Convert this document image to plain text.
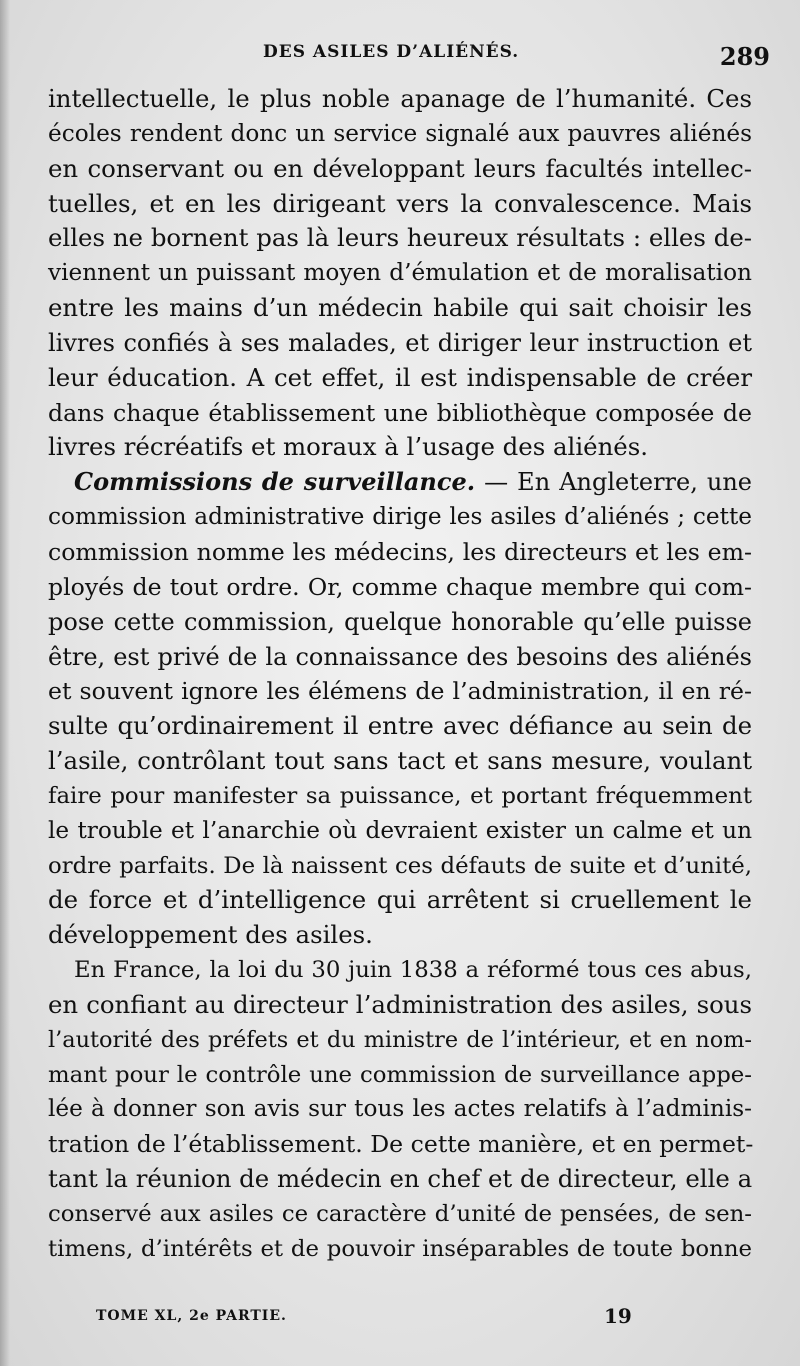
DES ASILES D’ALIÉNÉS.	289
intellectuelle, le plus noble apanage de l’humanité. Ces
écoles rendent donc un service signalé aux pauvres aliénés
en conservant ou en développant leurs facultés intellec-
tuelles, et en les dirigeant vers la convalescence. Mais
elles ne bornent pas là leurs heureux résultats : elles de-
viennent un puissant moyen d’émulation et de moralisation
entre les mains d’un médecin habile qui sait choisir les
livres confiés à ses malades, et diriger leur instruction et
leur éducation. A cet effet, il est indispensable de créer
dans chaque établissement une bibliothèque composée de
livres récréatifs et moraux à l’usage des aliénés.
Commissions de surveillance. — En Angleterre, une
commission administrative dirige les asiles d’aliénés ; cette
commission nomme les médecins, les directeurs et les em-
ployés de tout ordre. Or, comme chaque membre qui com-
pose cette commission, quelque honorable qu’elle puisse
être, est privé de la connaissance des besoins des aliénés
et souvent ignore les élémens de l’administration, il en ré-
sulte qu’ordinairement il entre avec défiance au sein de
l’asile, contrôlant tout sans tact et sans mesure, voulant
faire pour manifester sa puissance, et portant fréquemment
le trouble et l’anarchie où devraient exister un calme et un
ordre parfaits. De là naissent ces défauts de suite et d’unité,
de force et d’intelligence qui arrêtent si cruellement le
développement des asiles.
En France, la loi du 30 juin 1838 a réformé tous ces abus,
en confiant au directeur l’administration des asiles, sous
l’autorité des préfets et du ministre de l’intérieur, et en nom-
mant pour le contrôle une commission de surveillance appe-
lée à donner son avis sur tous les actes relatifs à l’adminis-
tration de l’établissement. De cette manière, et en permet-
tant la réunion de médecin en chef et de directeur, elle a
conservé aux asiles ce caractère d’unité de pensées, de sen-
timens, d’intérêts et de pouvoir inséparables de toute bonne
TOME XL, 2e PARTIE.	19
